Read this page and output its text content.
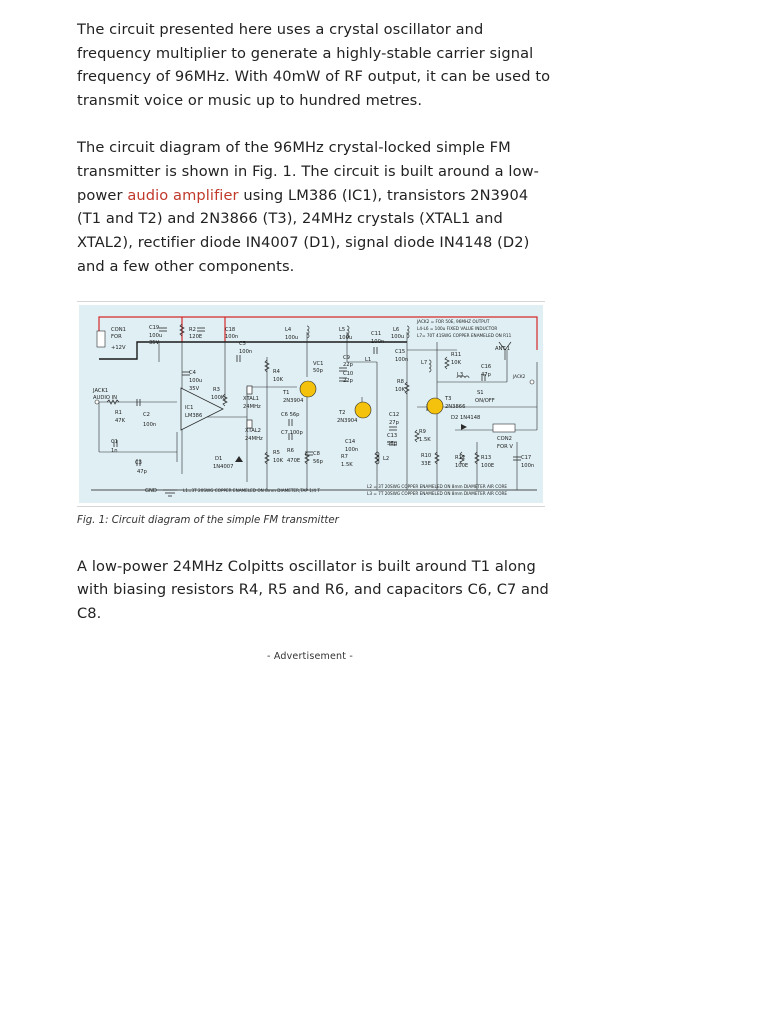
The circuit presented here uses a crystal oscillator and frequency multiplier to generate a highly-stable carrier signal frequency of 96MHz. With 40mW of RF output, it can be used to transmit voice or music up to hundred metres.

The circuit diagram of the 96MHz crystal-locked simple FM transmitter is shown in Fig. 1. The circuit is built around a low-power audio amplifier using LM386 (IC1), transistors 2N3904 (T1 and T2) and 2N3866 (T3), 24MHz crystals (XTAL1 and XTAL2), rectifier diode IN4007 (D1), signal diode IN4148 (D2) and a few other components.

CON1
FOR
+12V
C19
100u
35V
R2
120E
C18
100n
C5
100n
C4
100u
35V
L4
100u
L5
100u
C11
100n
L6
100u
JACK2 = FOR 50E, 96MHZ OUTPUT
L4-L6 = 100u FIXED VALUE INDUCTOR
L7= 70T 41SWG COPPER ENAMELED ON R11
ANT.1
JACK1
AUDIO IN
R1
47K
C2
100n
C1
1n
C3
47p
IC1
LM386
R3
100K	XTAL1
24MHz
XTAL2
24MHz
R4
10K
T1
2N3904
C6 56p
C7 100p
VC1
50p
C9
22p
C10
22p
L1
T2
2N3904
C14
100n
R7
1.5K
L2
C15
100n
R8
10K
C12
27p
C13
56p
R9
1.5K
L7
R11
10K
L3
C16
47p	JACK2
T3
2N3866
S1
ON/OFF
D2 1N4148
CON2
FOR V
R10
33E
R12
100E
R13
100E
C17
100n
D1
1N4007
R5
10K
R6
470E
C8
56p
GND	L1=3T 20SWG COPPER ENAMELED ON 8mm DIAMETER,TAP 1/4 T
L2 = 3T 20SWG COPPER ENAMELED ON 8mm DIAMETER AIR CORE
L3 = 7T 20SWG COPPER ENAMELED ON 8mm DIAMETER AIR CORE

Fig. 1: Circuit diagram of the simple FM transmitter

A low-power 24MHz Colpitts oscillator is built around T1 along with biasing resistors R4, R5 and R6, and capacitors C6, C7 and C8.

- Advertisement -
